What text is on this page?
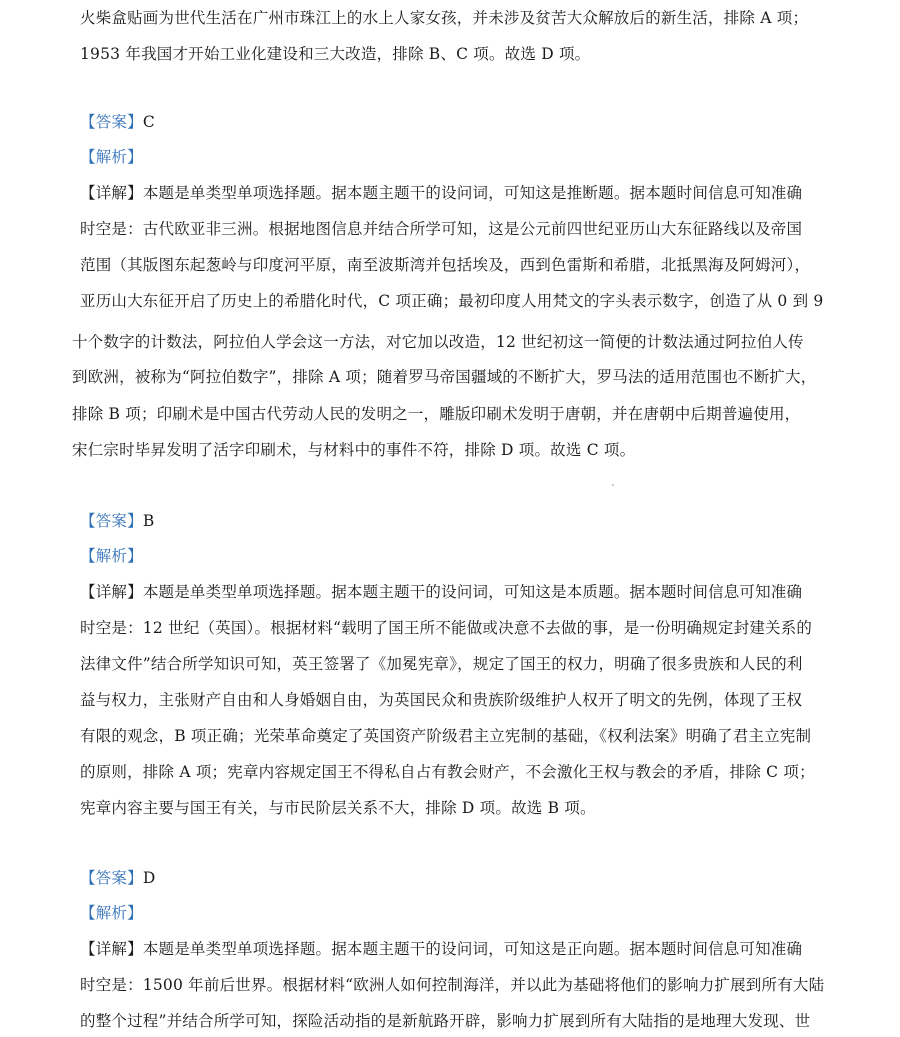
火柴盒贴画为世代生活在广州市珠江上的水上人家女孩，并未涉及贫苦大众解放后的新生活，排除 A 项；
1953 年我国才开始工业化建设和三大改造，排除 B、C 项。故选 D 项。
【答案】C
【解析】
【详解】本题是单类型单项选择题。据本题主题干的设问词，可知这是推断题。据本题时间信息可知准确
时空是：古代欧亚非三洲。根据地图信息并结合所学可知，这是公元前四世纪亚历山大东征路线以及帝国
范围（其版图东起葱岭与印度河平原，南至波斯湾并包括埃及，西到色雷斯和希腊，北抵黑海及阿姆河），
亚历山大东征开启了历史上的希腊化时代，C 项正确；最初印度人用梵文的字头表示数字，创造了从 0 到 9
十个数字的计数法，阿拉伯人学会这一方法，对它加以改造，12 世纪初这一简便的计数法通过阿拉伯人传
到欧洲，被称为“阿拉伯数字”，排除 A 项；随着罗马帝国疆域的不断扩大，罗马法的适用范围也不断扩大，
排除 B 项；印刷术是中国古代劳动人民的发明之一，雕版印刷术发明于唐朝，并在唐朝中后期普遍使用，
宋仁宗时毕昇发明了活字印刷术，与材料中的事件不符，排除 D 项。故选 C 项。
【答案】B
【解析】
【详解】本题是单类型单项选择题。据本题主题干的设问词，可知这是本质题。据本题时间信息可知准确
时空是：12 世纪（英国）。根据材料“载明了国王所不能做或决意不去做的事，是一份明确规定封建关系的
法律文件”结合所学知识可知，英王签署了《加冕宪章》，规定了国王的权力，明确了很多贵族和人民的利
益与权力，主张财产自由和人身婚姻自由，为英国民众和贵族阶级维护人权开了明文的先例，体现了王权
有限的观念，B 项正确；光荣革命奠定了英国资产阶级君主立宪制的基础，《权利法案》明确了君主立宪制
的原则，排除 A 项；宪章内容规定国王不得私自占有教会财产，不会激化王权与教会的矛盾，排除 C 项；
宪章内容主要与国王有关，与市民阶层关系不大，排除 D 项。故选 B 项。
【答案】D
【解析】
【详解】本题是单类型单项选择题。据本题主题干的设问词，可知这是正向题。据本题时间信息可知准确
时空是：1500 年前后世界。根据材料“欧洲人如何控制海洋，并以此为基础将他们的影响力扩展到所有大陆
的整个过程”并结合所学可知，探险活动指的是新航路开辟，影响力扩展到所有大陆指的是地理大发现、世
